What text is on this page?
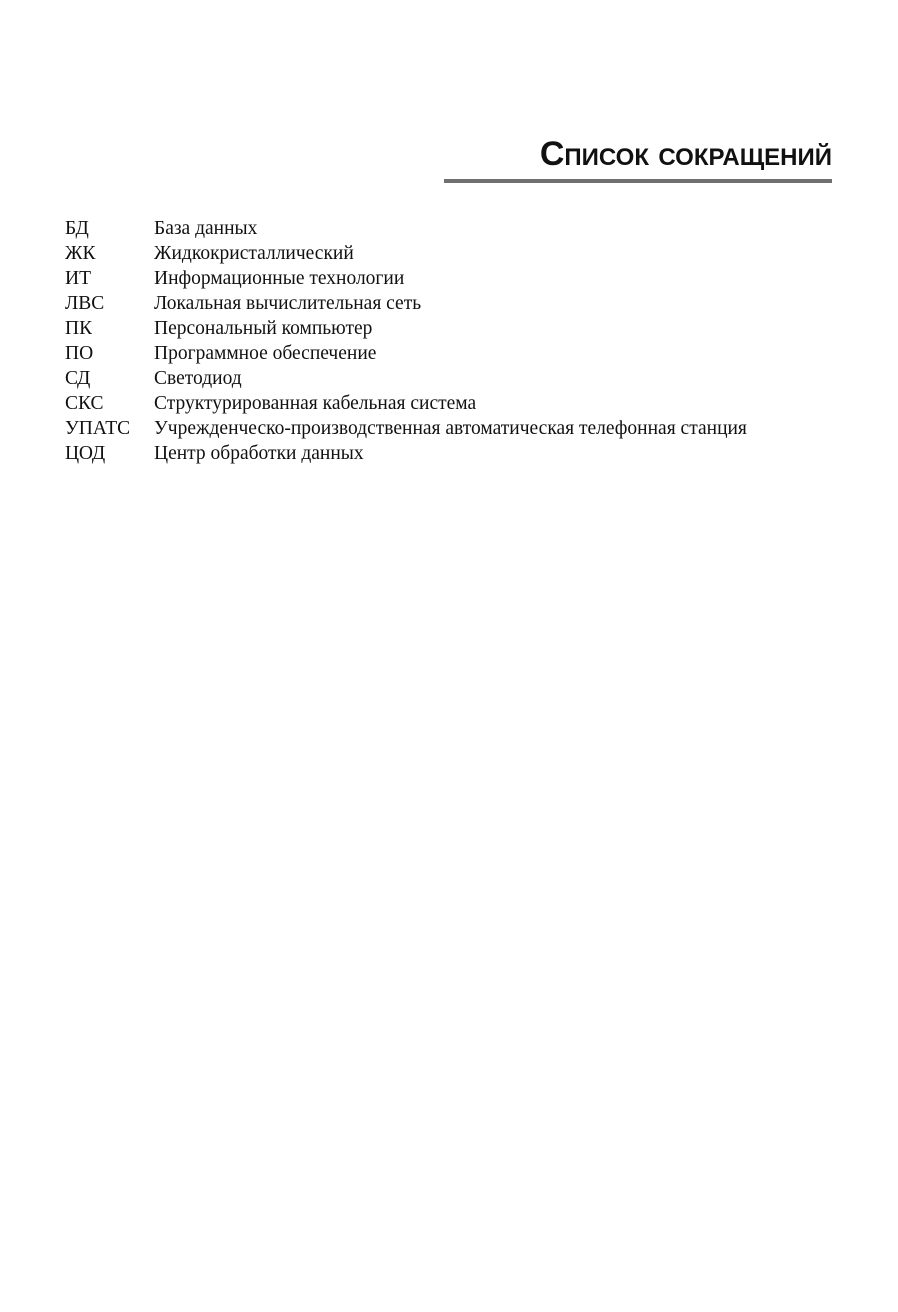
Список сокращений
БД	База данных
ЖК	Жидкокристаллический
ИТ	Информационные технологии
ЛВС	Локальная вычислительная сеть
ПК	Персональный компьютер
ПО	Программное обеспечение
СД	Светодиод
СКС	Структурированная кабельная система
УПАТС	Учрежденческо-производственная автоматическая телефонная станция
ЦОД	Центр обработки данных
